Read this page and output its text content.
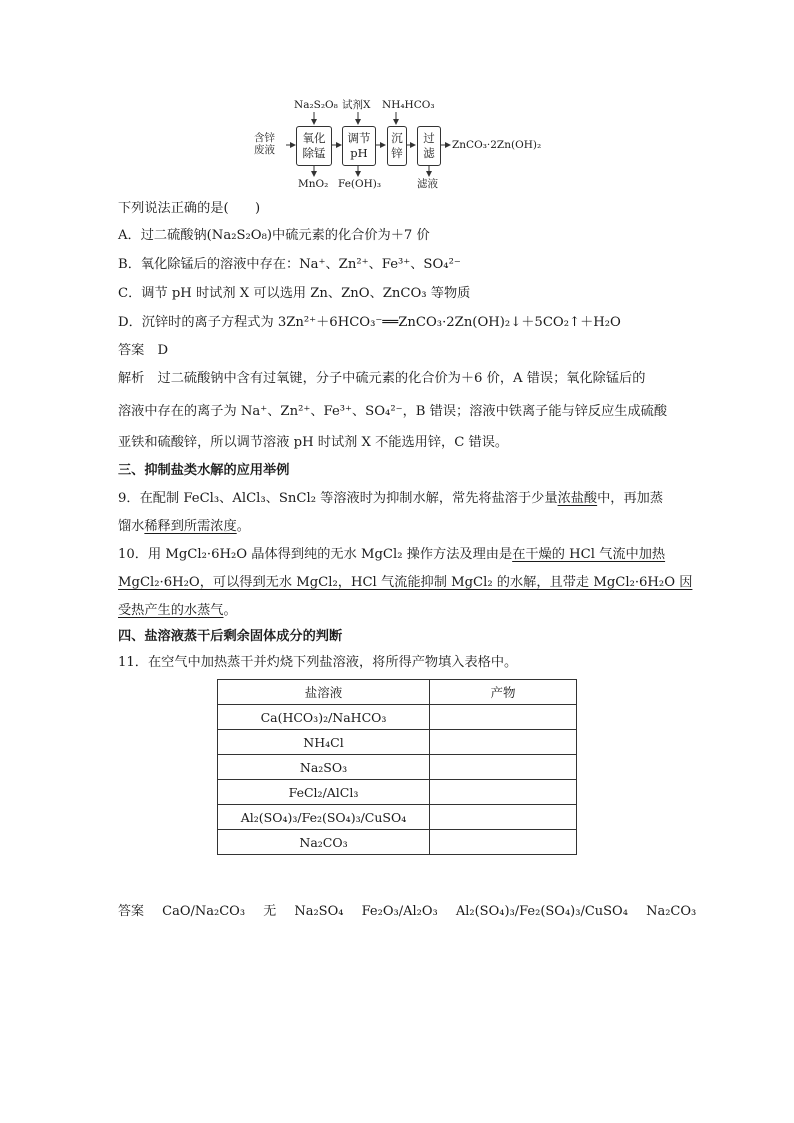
含锌
废液
Na₂S₂O₈ 试剂X NH₄HCO₃
氧化
除锰
调节
pH
沉
锌
过
滤
ZnCO₃·2Zn(OH)₂
MnO₂ Fe(OH)₃	滤液
下列说法正确的是(　　)
A．过二硫酸钠(Na₂S₂O₈)中硫元素的化合价为＋7 价
B．氧化除锰后的溶液中存在：Na⁺、Zn²⁺、Fe³⁺、SO₄²⁻
C．调节 pH 时试剂 X 可以选用 Zn、ZnO、ZnCO₃ 等物质
D．沉锌时的离子方程式为 3Zn²⁺＋6HCO₃⁻══ZnCO₃·2Zn(OH)₂↓＋5CO₂↑＋H₂O
答案　D
解析　过二硫酸钠中含有过氧键，分子中硫元素的化合价为＋6 价，A 错误；氧化除锰后的
溶液中存在的离子为 Na⁺、Zn²⁺、Fe³⁺、SO₄²⁻，B 错误；溶液中铁离子能与锌反应生成硫酸
亚铁和硫酸锌，所以调节溶液 pH 时试剂 X 不能选用锌，C 错误。
三、抑制盐类水解的应用举例
9．在配制 FeCl₃、AlCl₃、SnCl₂ 等溶液时为抑制水解，常先将盐溶于少量浓盐酸中，再加蒸
馏水稀释到所需浓度。
10．用 MgCl₂·6H₂O 晶体得到纯的无水 MgCl₂ 操作方法及理由是在干燥的 HCl 气流中加热
MgCl₂·6H₂O，可以得到无水 MgCl₂，HCl 气流能抑制 MgCl₂ 的水解，且带走 MgCl₂·6H₂O 因
受热产生的水蒸气。
四、盐溶液蒸干后剩余固体成分的判断
11．在空气中加热蒸干并灼烧下列盐溶液，将所得产物填入表格中。
盐溶液	产物
Ca(HCO₃)₂/NaHCO₃	
NH₄Cl	
Na₂SO₃	
FeCl₂/AlCl₃	
Al₂(SO₄)₃/Fe₂(SO₄)₃/CuSO₄	
Na₂CO₃	
答案 CaO/Na₂CO₃ 无 Na₂SO₄ Fe₂O₃/Al₂O₃ Al₂(SO₄)₃/Fe₂(SO₄)₃/CuSO₄ Na₂CO₃
